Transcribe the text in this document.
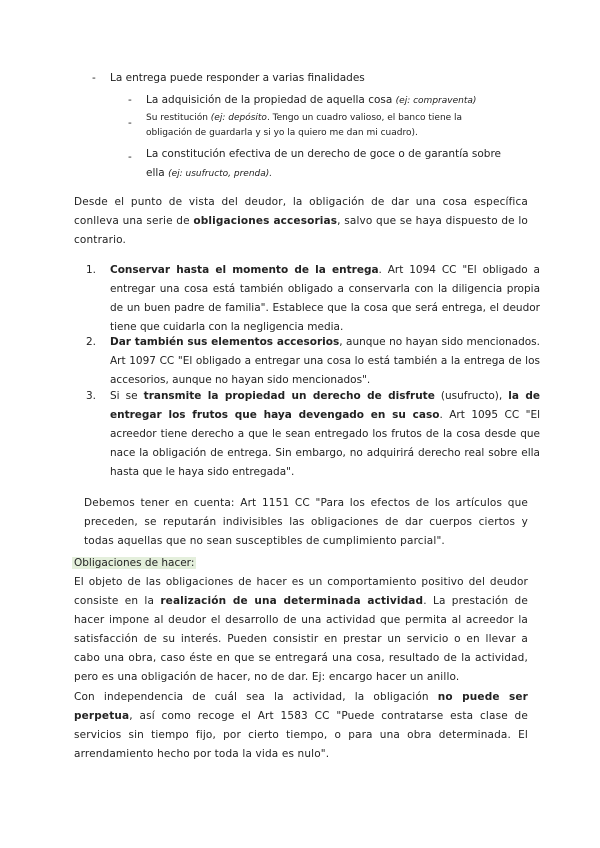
- La entrega puede responder a varias finalidades
- La adquisición de la propiedad de aquella cosa (ej: compraventa)
- Su restitución (ej: depósito. Tengo un cuadro valioso, el banco tiene la obligación de guardarla y si yo la quiero me dan mi cuadro).
- La constitución efectiva de un derecho de goce o de garantía sobre ella (ej: usufructo, prenda).
Desde el punto de vista del deudor, la obligación de dar una cosa específica conlleva una serie de obligaciones accesorias, salvo que se haya dispuesto de lo contrario.
1. Conservar hasta el momento de la entrega. Art 1094 CC "El obligado a entregar una cosa está también obligado a conservarla con la diligencia propia de un buen padre de familia". Establece que la cosa que será entrega, el deudor tiene que cuidarla con la negligencia media.
2. Dar también sus elementos accesorios, aunque no hayan sido mencionados. Art 1097 CC "El obligado a entregar una cosa lo está también a la entrega de los accesorios, aunque no hayan sido mencionados".
3. Si se transmite la propiedad un derecho de disfrute (usufructo), la de entregar los frutos que haya devengado en su caso. Art 1095 CC "El acreedor tiene derecho a que le sean entregado los frutos de la cosa desde que nace la obligación de entrega. Sin embargo, no adquirirá derecho real sobre ella hasta que le haya sido entregada".
Debemos tener en cuenta: Art 1151 CC "Para los efectos de los artículos que preceden, se reputarán indivisibles las obligaciones de dar cuerpos ciertos y todas aquellas que no sean susceptibles de cumplimiento parcial".
Obligaciones de hacer:
El objeto de las obligaciones de hacer es un comportamiento positivo del deudor consiste en la realización de una determinada actividad. La prestación de hacer impone al deudor el desarrollo de una actividad que permita al acreedor la satisfacción de su interés. Pueden consistir en prestar un servicio o en llevar a cabo una obra, caso éste en que se entregará una cosa, resultado de la actividad, pero es una obligación de hacer, no de dar. Ej: encargo hacer un anillo.
Con independencia de cuál sea la actividad, la obligación no puede ser perpetua, así como recoge el Art 1583 CC "Puede contratarse esta clase de servicios sin tiempo fijo, por cierto tiempo, o para una obra determinada. El arrendamiento hecho por toda la vida es nulo".
